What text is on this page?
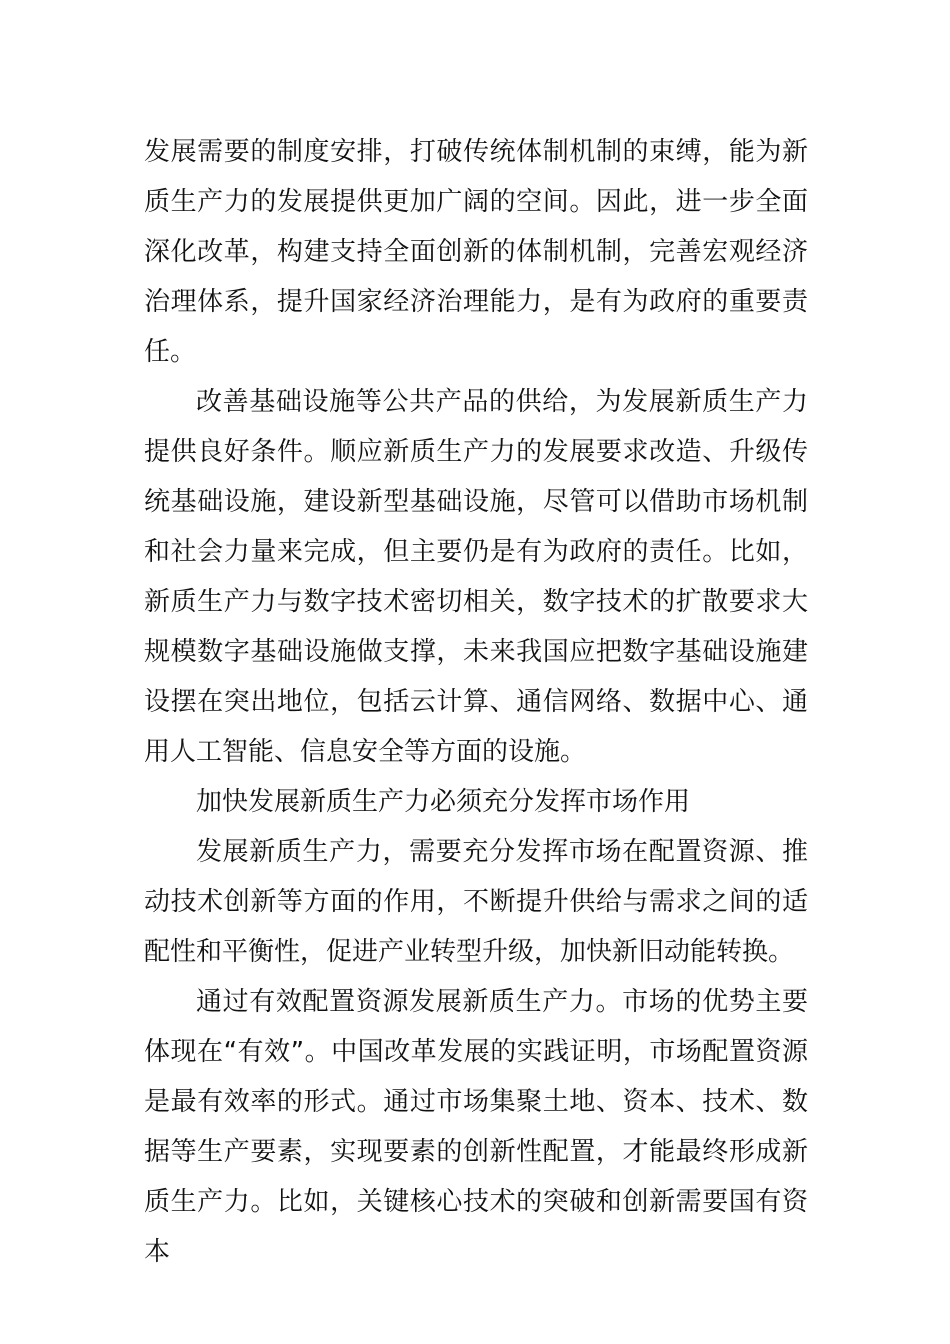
发展需要的制度安排，打破传统体制机制的束缚，能为新质生产力的发展提供更加广阔的空间。因此，进一步全面深化改革，构建支持全面创新的体制机制，完善宏观经济治理体系，提升国家经济治理能力，是有为政府的重要责任。

改善基础设施等公共产品的供给，为发展新质生产力提供良好条件。顺应新质生产力的发展要求改造、升级传统基础设施，建设新型基础设施，尽管可以借助市场机制和社会力量来完成，但主要仍是有为政府的责任。比如，新质生产力与数字技术密切相关，数字技术的扩散要求大规模数字基础设施做支撑，未来我国应把数字基础设施建设摆在突出地位，包括云计算、通信网络、数据中心、通用人工智能、信息安全等方面的设施。

加快发展新质生产力必须充分发挥市场作用

发展新质生产力，需要充分发挥市场在配置资源、推动技术创新等方面的作用，不断提升供给与需求之间的适配性和平衡性，促进产业转型升级，加快新旧动能转换。

通过有效配置资源发展新质生产力。市场的优势主要体现在“有效”。中国改革发展的实践证明，市场配置资源是最有效率的形式。通过市场集聚土地、资本、技术、数据等生产要素，实现要素的创新性配置，才能最终形成新质生产力。比如，关键核心技术的突破和创新需要国有资本
